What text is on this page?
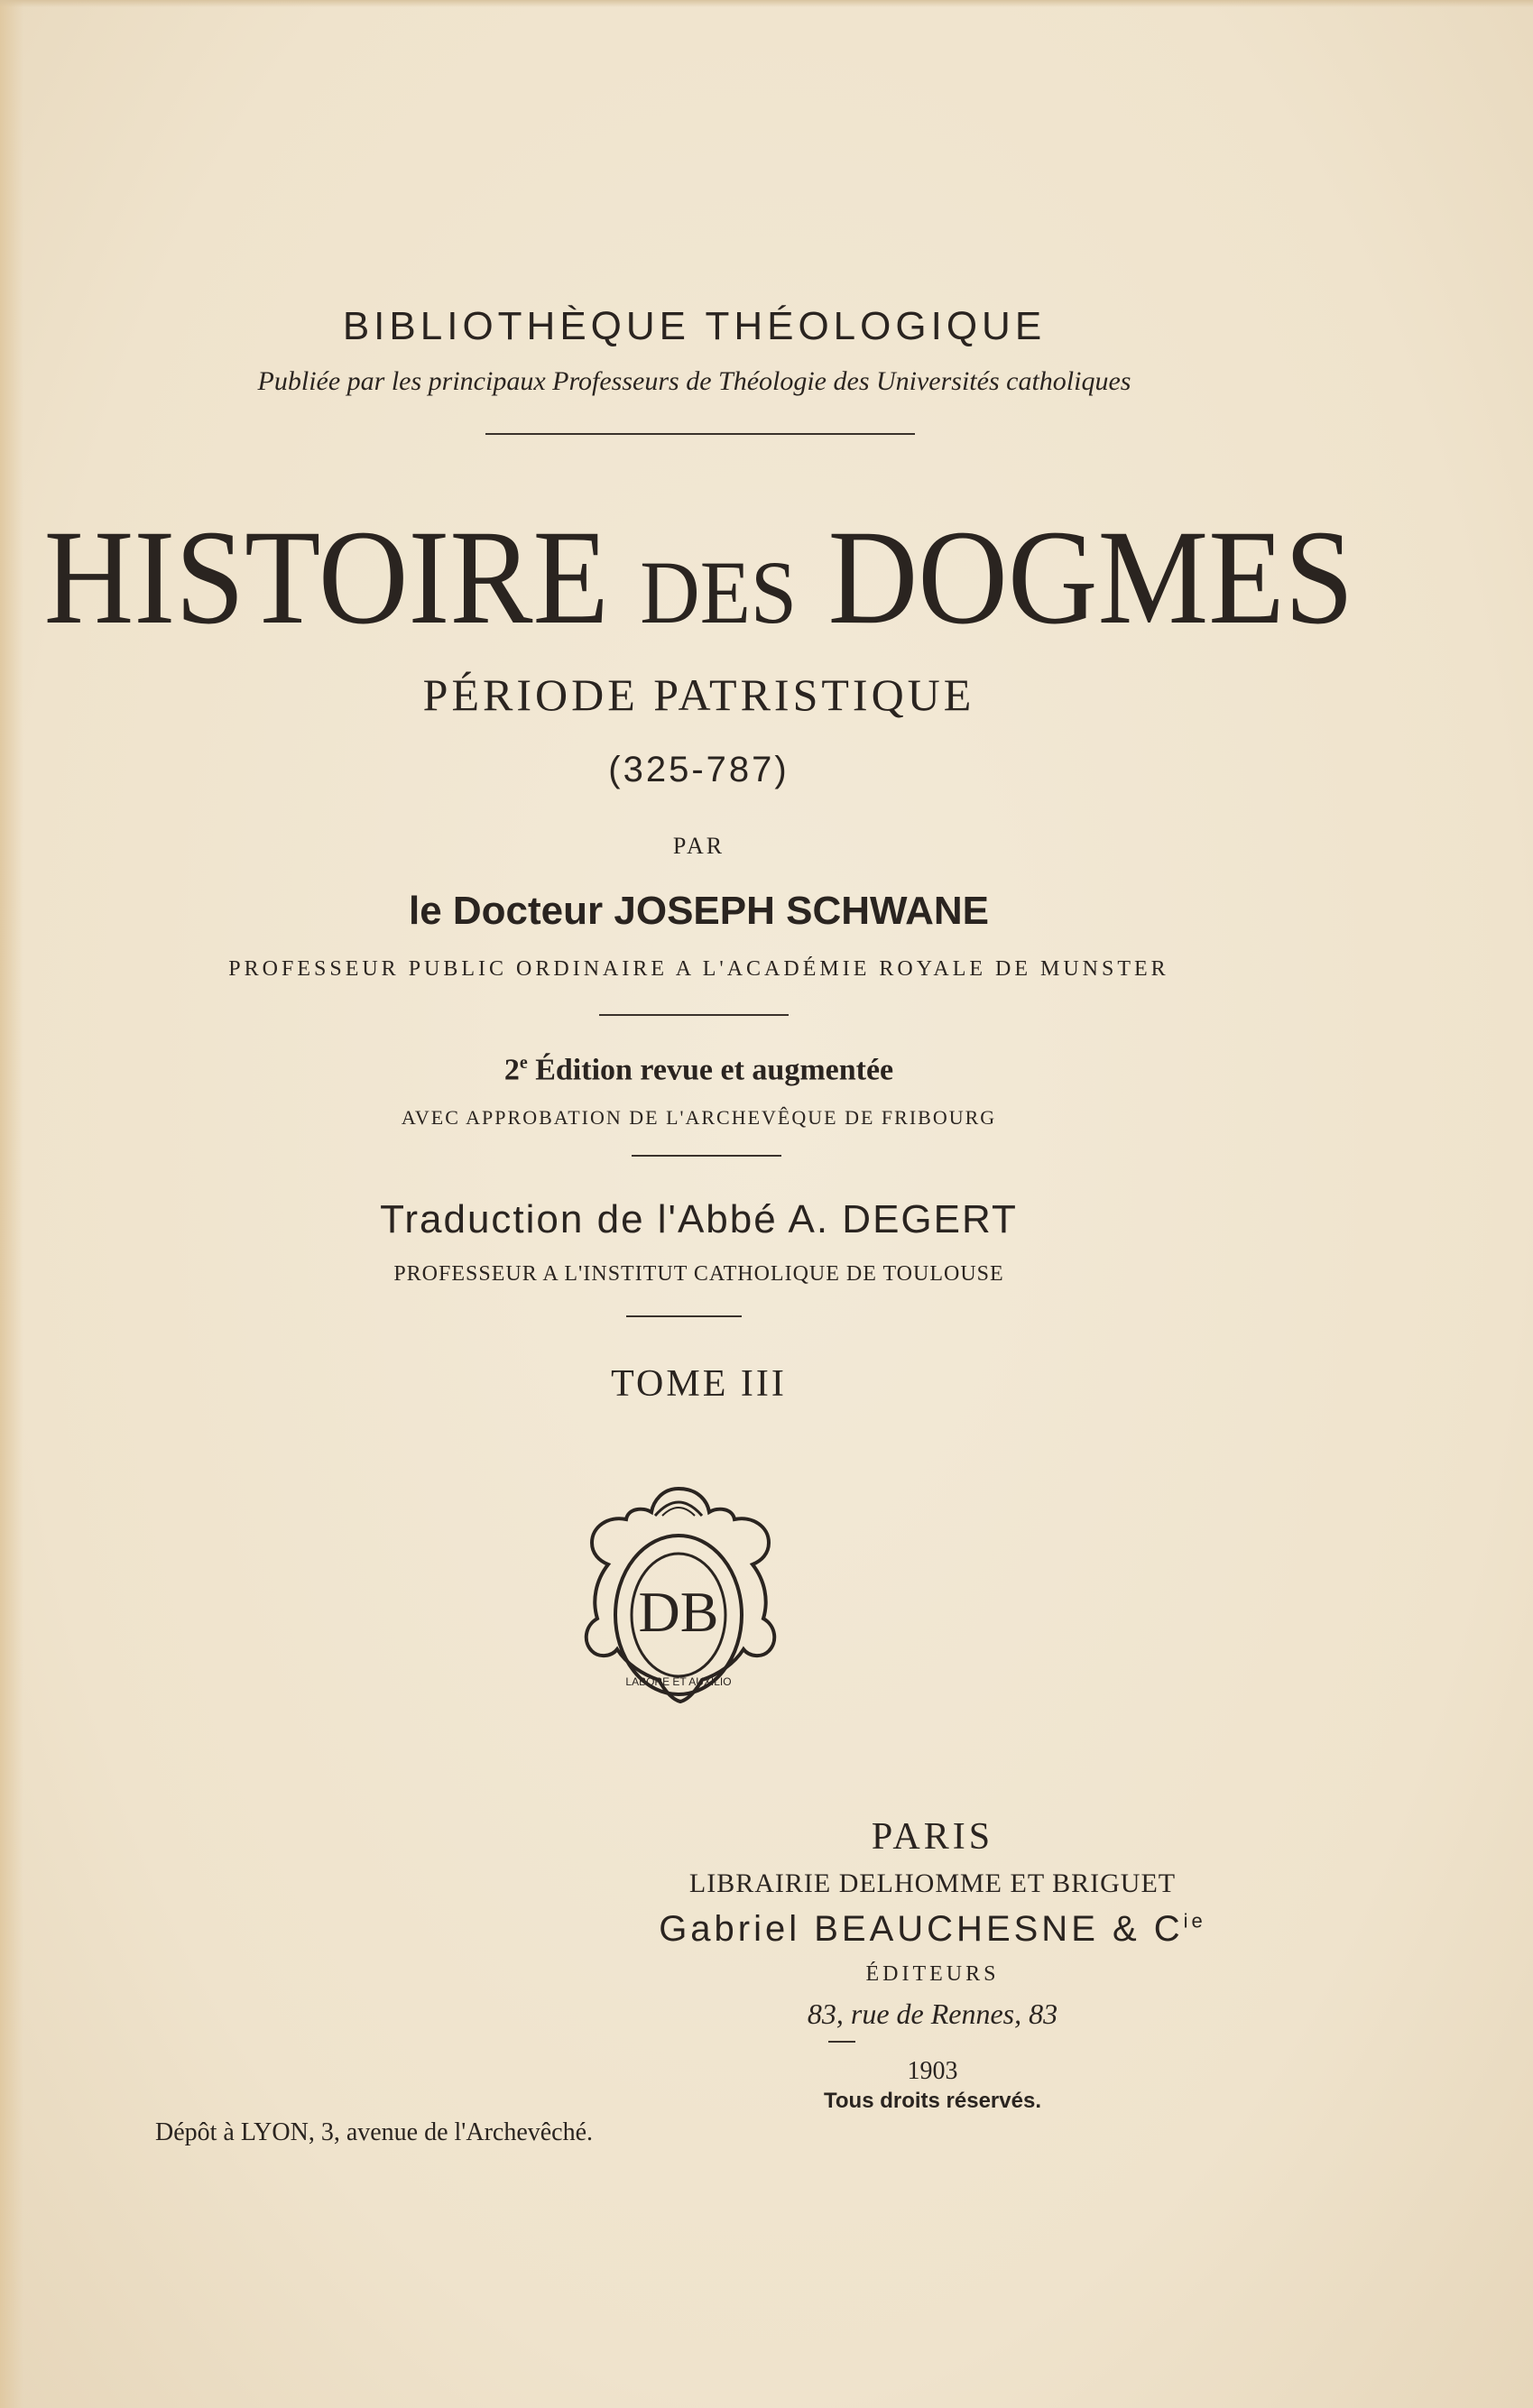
BIBLIOTHÈQUE THÉOLOGIQUE
Publiée par les principaux Professeurs de Théologie des Universités catholiques
HISTOIRE DES DOGMES
PÉRIODE PATRISTIQUE
(325-787)
PAR
le Docteur JOSEPH SCHWANE
PROFESSEUR PUBLIC ORDINAIRE A L'ACADÉMIE ROYALE DE MUNSTER
2e Édition revue et augmentée
AVEC APPROBATION DE L'ARCHEVÊQUE DE FRIBOURG
Traduction de l'Abbé A. DEGERT
PROFESSEUR A L'INSTITUT CATHOLIQUE DE TOULOUSE
TOME III
DB
LABORE ET AUXILIO
PARIS
LIBRAIRIE DELHOMME ET BRIGUET
Gabriel BEAUCHESNE & $C^{ie}$
ÉDITEURS
83, rue de Rennes, 83
1903
Tous droits réservés.
Dépôt à LYON, 3, avenue de l'Archevêché.
